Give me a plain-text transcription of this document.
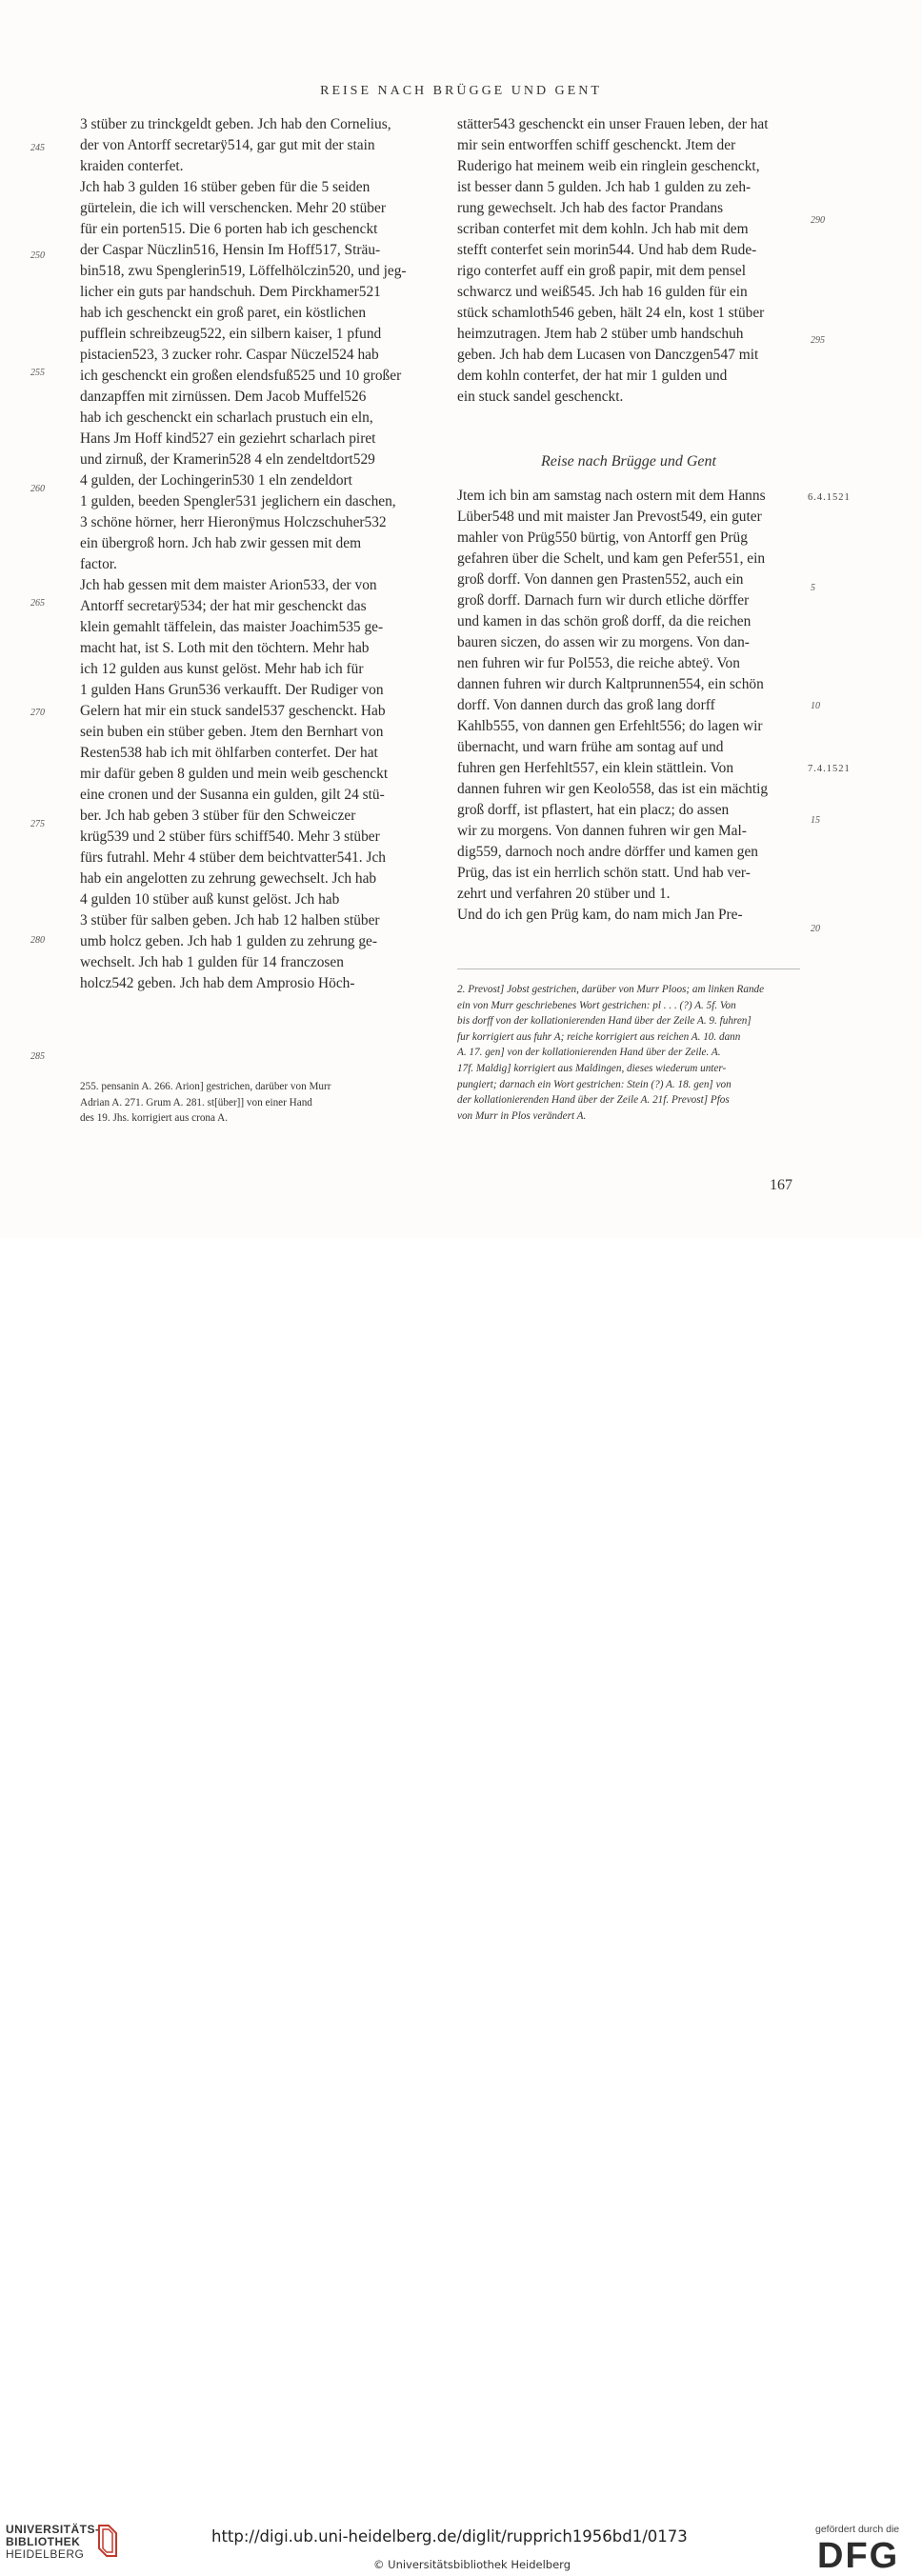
REISE NACH BRÜGGE UND GENT
3 stüber zu trinckgeldt geben. Jch hab den Cornelius,
der von Antorff secretarÿ514, gar gut mit der stain
kraiden conterfet.
Jch hab 3 gulden 16 stüber geben für die 5 seiden
gürtelein, die ich will verschencken. Mehr 20 stüber
für ein porten515. Die 6 porten hab ich geschenckt
der Caspar Nüczlin516, Hensin Im Hoff517, Sträu-
bin518, zwu Spenglerin519, Löffelhölczin520, und jeg-
licher ein guts par handschuh. Dem Pirckhamer521
hab ich geschenckt ein groß paret, ein köstlichen
pufflein schreibzeug522, ein silbern kaiser, 1 pfund
pistacien523, 3 zucker rohr. Caspar Nüczel524 hab
ich geschenckt ein großen elendsfuß525 und 10 großer
danzapffen mit zirnüssen. Dem Jacob Muffel526
hab ich geschenckt ein scharlach prustuch ein eln,
Hans Jm Hoff kind527 ein geziehrt scharlach piret
und zirnuß, der Kramerin528 4 eln zendeltdort529
4 gulden, der Lochingerin530 1 eln zendeldort
1 gulden, beeden Spengler531 jeglichern ein daschen,
3 schöne hörner, herr Hieronÿmus Holczschuher532
ein übergroß horn. Jch hab zwir gessen mit dem
factor.
Jch hab gessen mit dem maister Arion533, der von
Antorff secretarÿ534; der hat mir geschenckt das
klein gemahlt täffelein, das maister Joachim535 ge-
macht hat, ist S. Loth mit den töchtern. Mehr hab
ich 12 gulden aus kunst gelöst. Mehr hab ich für
1 gulden Hans Grun536 verkaufft. Der Rudiger von
Gelern hat mir ein stuck sandel537 geschenckt. Hab
sein buben ein stüber geben. Jtem den Bernhart von
Resten538 hab ich mit öhlfarben conterfet. Der hat
mir dafür geben 8 gulden und mein weib geschenckt
eine cronen und der Susanna ein gulden, gilt 24 stü-
ber. Jch hab geben 3 stüber für den Schweiczer
krüg539 und 2 stüber fürs schiff540. Mehr 3 stüber
fürs futrahl. Mehr 4 stüber dem beichtvatter541. Jch
hab ein angelotten zu zehrung gewechselt. Jch hab
4 gulden 10 stüber auß kunst gelöst. Jch hab
3 stüber für salben geben. Jch hab 12 halben stüber
umb holcz geben. Jch hab 1 gulden zu zehrung ge-
wechselt. Jch hab 1 gulden für 14 franczosen
holcz542 geben. Jch hab dem Amprosio Höch-
245
250
255
260
265
270
275
280
285
stätter543 geschenckt ein unser Frauen leben, der hat
mir sein entworffen schiff geschenckt. Jtem der
Ruderigo hat meinem weib ein ringlein geschenckt,
ist besser dann 5 gulden. Jch hab 1 gulden zu zeh-
rung gewechselt. Jch hab des factor Prandans
scriban conterfet mit dem kohln. Jch hab mit dem
stefft conterfet sein morin544. Und hab dem Rude-
rigo conterfet auff ein groß papir, mit dem pensel
schwarcz und weiß545. Jch hab 16 gulden für ein
stück schamloth546 geben, hält 24 eln, kost 1 stüber
heimzutragen. Jtem hab 2 stüber umb handschuh
geben. Jch hab dem Lucasen von Danczgen547 mit
dem kohln conterfet, der hat mir 1 gulden und
ein stuck sandel geschenckt.
290
295
5
10
15
20
6.4.1521
7.4.1521
Reise nach Brügge und Gent
Jtem ich bin am samstag nach ostern mit dem Hanns
Lüber548 und mit maister Jan Prevost549, ein guter
mahler von Prüg550 bürtig, von Antorff gen Prüg
gefahren über die Schelt, und kam gen Pefer551, ein
groß dorff. Von dannen gen Prasten552, auch ein
groß dorff. Darnach furn wir durch etliche dörffer
und kamen in das schön groß dorff, da die reichen
bauren siczen, do assen wir zu morgens. Von dan-
nen fuhren wir fur Pol553, die reiche abteÿ. Von
dannen fuhren wir durch Kaltprunnen554, ein schön
dorff. Von dannen durch das groß lang dorff
Kahlb555, von dannen gen Erfehlt556; do lagen wir
übernacht, und warn frühe am sontag auf und
fuhren gen Herfehlt557, ein klein stättlein. Von
dannen fuhren wir gen Keolo558, das ist ein mächtig
groß dorff, ist pflastert, hat ein placz; do assen
wir zu morgens. Von dannen fuhren wir gen Mal-
dig559, darnoch noch andre dörffer und kamen gen
Prüg, das ist ein herrlich schön statt. Und hab ver-
zehrt und verfahren 20 stüber und 1.
Und do ich gen Prüg kam, do nam mich Jan Pre-
255. pensanin A. 266. Arion] gestrichen, darüber von Murr
Adrian A. 271. Grum A. 281. st[über]] von einer Hand
des 19. Jhs. korrigiert aus crona A.
2. Prevost] Jobst gestrichen, darüber von Murr Ploos; am linken Rande
ein von Murr geschriebenes Wort gestrichen: pl . . . (?) A. 5f. Von
bis dorff von der kollationierenden Hand über der Zeile A. 9. fuhren]
fur korrigiert aus fuhr A; reiche korrigiert aus reichen A. 10. dann
A. 17. gen] von der kollationierenden Hand über der Zeile. A.
17f. Maldig] korrigiert aus Maldingen, dieses wiederum unter-
pungiert; darnach ein Wort gestrichen: Stein (?) A. 18. gen] von
der kollationierenden Hand über der Zeile A. 21f. Prevost] Pfos
von Murr in Plos verändert A.
167
UNIVERSITÄTS-
BIBLIOTHEK
HEIDELBERG
http://digi.ub.uni-heidelberg.de/diglit/rupprich1956bd1/0173
© Universitätsbibliothek Heidelberg
gefördert durch die
DFG
